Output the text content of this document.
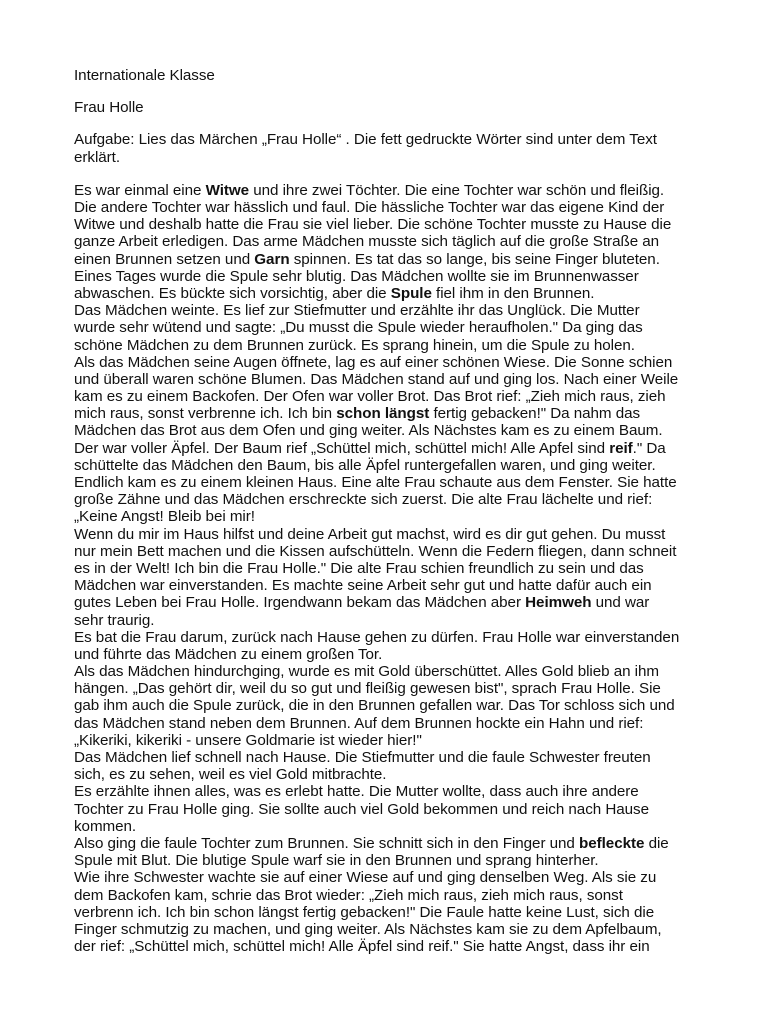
Internationale Klasse
Frau Holle
Aufgabe: Lies das Märchen „Frau Holle“ . Die fett gedruckte Wörter sind unter dem Text erklärt.
Es war einmal eine Witwe und ihre zwei Töchter. Die eine Tochter war schön und fleißig.
Die andere Tochter war hässlich und faul. Die hässliche Tochter war das eigene Kind der
Witwe und deshalb hatte die Frau sie viel lieber. Die schöne Tochter musste zu Hause die
ganze Arbeit erledigen. Das arme Mädchen musste sich täglich auf die große Straße an
einen Brunnen setzen und Garn spinnen. Es tat das so lange, bis seine Finger bluteten.
Eines Tages wurde die Spule sehr blutig. Das Mädchen wollte sie im Brunnenwasser
abwaschen. Es bückte sich vorsichtig, aber die Spule fiel ihm in den Brunnen.
Das Mädchen weinte. Es lief zur Stiefmutter und erzählte ihr das Unglück. Die Mutter
wurde sehr wütend und sagte: „Du musst die Spule wieder heraufholen." Da ging das
schöne Mädchen zu dem Brunnen zurück. Es sprang hinein, um die Spule zu holen.
Als das Mädchen seine Augen öffnete, lag es auf einer schönen Wiese. Die Sonne schien
und überall waren schöne Blumen. Das Mädchen stand auf und ging los. Nach einer Weile
kam es zu einem Backofen. Der Ofen war voller Brot. Das Brot rief: „Zieh mich raus, zieh
mich raus, sonst verbrenne ich. Ich bin schon längst fertig gebacken!" Da nahm das
Mädchen das Brot aus dem Ofen und ging weiter. Als Nächstes kam es zu einem Baum.
Der war voller Äpfel. Der Baum rief „Schüttel mich, schüttel mich! Alle Apfel sind reif." Da
schüttelte das Mädchen den Baum, bis alle Äpfel runtergefallen waren, und ging weiter.
Endlich kam es zu einem kleinen Haus. Eine alte Frau schaute aus dem Fenster. Sie hatte
große Zähne und das Mädchen erschreckte sich zuerst. Die alte Frau lächelte und rief:
„Keine Angst! Bleib bei mir!
Wenn du mir im Haus hilfst und deine Arbeit gut machst, wird es dir gut gehen. Du musst
nur mein Bett machen und die Kissen aufschütteln. Wenn die Federn fliegen, dann schneit
es in der Welt! Ich bin die Frau Holle." Die alte Frau schien freundlich zu sein und das
Mädchen war einverstanden. Es machte seine Arbeit sehr gut und hatte dafür auch ein
gutes Leben bei Frau Holle. Irgendwann bekam das Mädchen aber Heimweh und war
sehr traurig.
Es bat die Frau darum, zurück nach Hause gehen zu dürfen. Frau Holle war einverstanden
und führte das Mädchen zu einem großen Tor.
Als das Mädchen hindurchging, wurde es mit Gold überschüttet. Alles Gold blieb an ihm
hängen. „Das gehört dir, weil du so gut und fleißig gewesen bist", sprach Frau Holle. Sie
gab ihm auch die Spule zurück, die in den Brunnen gefallen war. Das Tor schloss sich und
das Mädchen stand neben dem Brunnen. Auf dem Brunnen hockte ein Hahn und rief:
„Kikeriki, kikeriki - unsere Goldmarie ist wieder hier!"
Das Mädchen lief schnell nach Hause. Die Stiefmutter und die faule Schwester freuten
sich, es zu sehen, weil es viel Gold mitbrachte.
Es erzählte ihnen alles, was es erlebt hatte. Die Mutter wollte, dass auch ihre andere
Tochter zu Frau Holle ging. Sie sollte auch viel Gold bekommen und reich nach Hause
kommen.
Also ging die faule Tochter zum Brunnen. Sie schnitt sich in den Finger und befleckte die
Spule mit Blut. Die blutige Spule warf sie in den Brunnen und sprang hinterher.
Wie ihre Schwester wachte sie auf einer Wiese auf und ging denselben Weg. Als sie zu
dem Backofen kam, schrie das Brot wieder: „Zieh mich raus, zieh mich raus, sonst
verbrenn ich. Ich bin schon längst fertig gebacken!" Die Faule hatte keine Lust, sich die
Finger schmutzig zu machen, und ging weiter. Als Nächstes kam sie zu dem Apfelbaum,
der rief: „Schüttel mich, schüttel mich! Alle Äpfel sind reif." Sie hatte Angst, dass ihr ein
